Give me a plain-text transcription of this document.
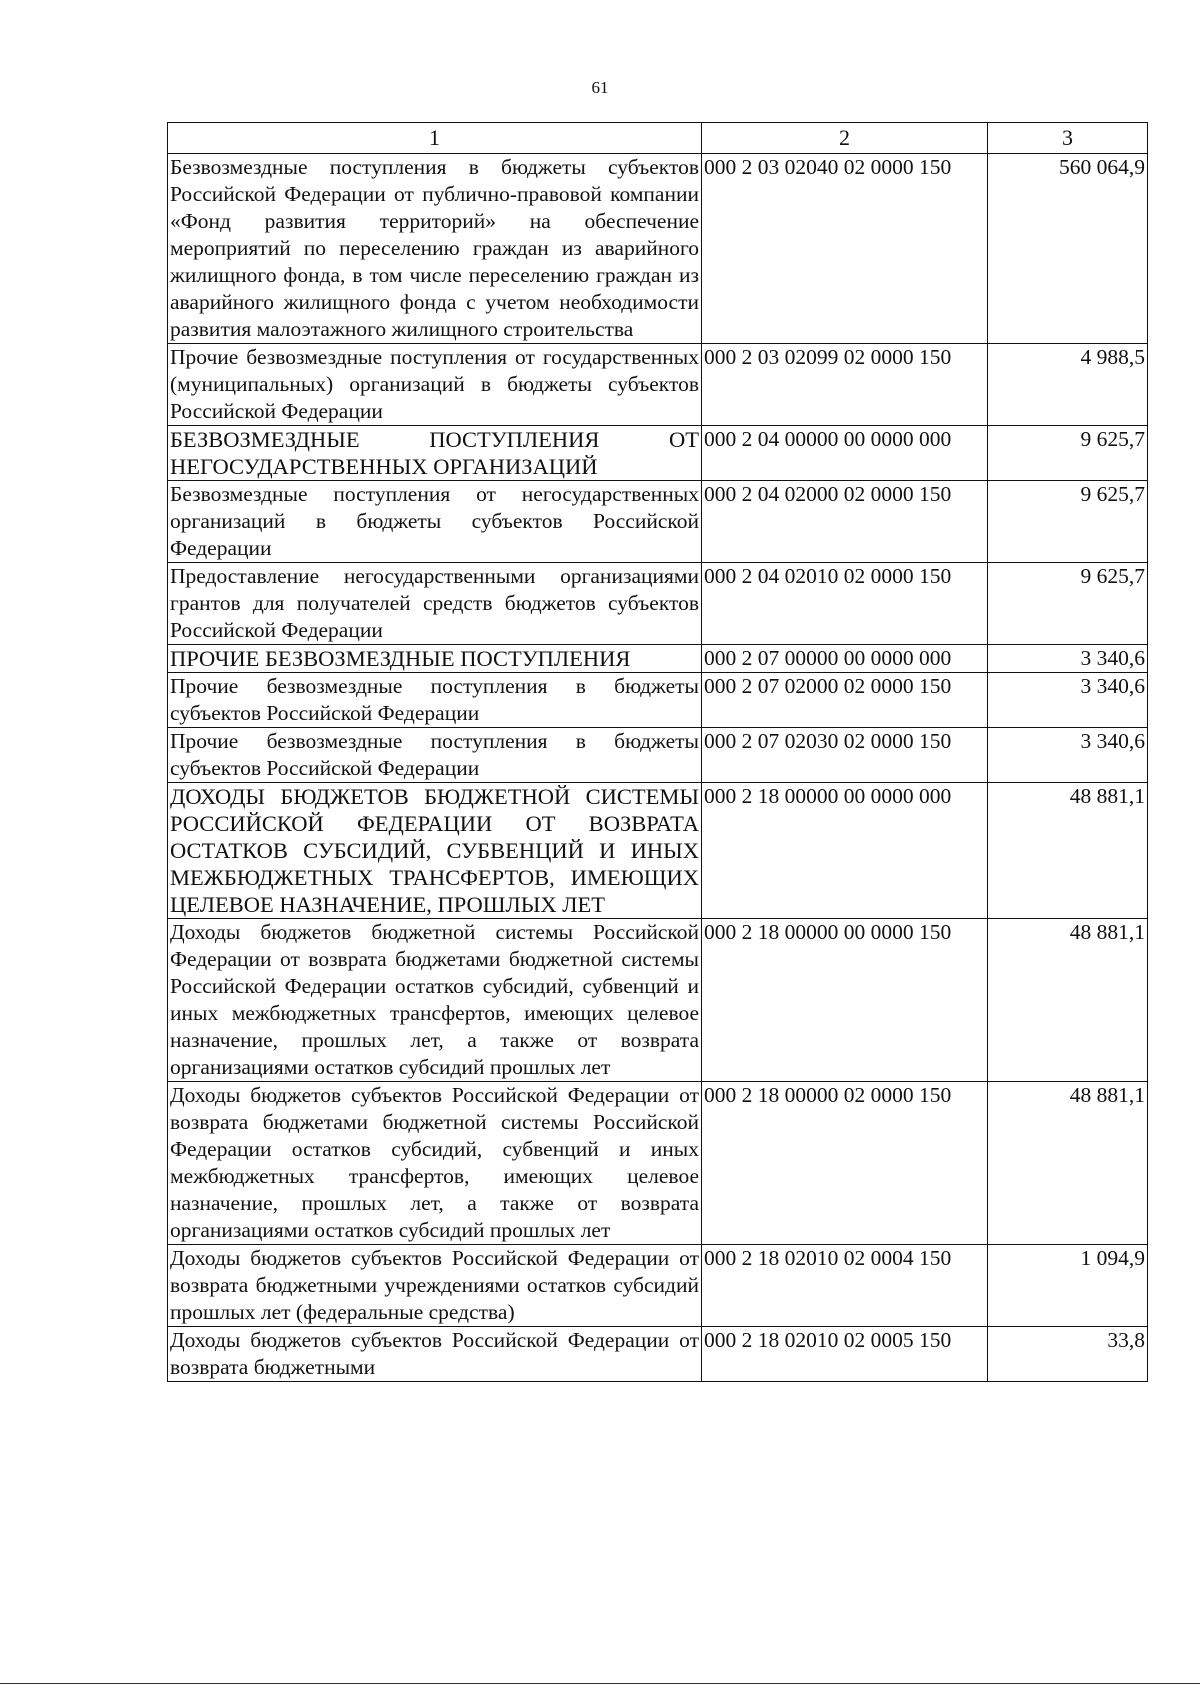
61
1	2	3
Безвозмездные поступления в бюджеты субъектов Российской Федерации от публично-правовой компании «Фонд развития территорий» на обеспечение мероприятий по переселению граждан из аварийного жилищного фонда, в том числе переселению граждан из аварийного жилищного фонда с учетом необходимости развития малоэтажного жилищного строительства	000 2 03 02040 02 0000 150	560 064,9
Прочие безвозмездные поступления от государственных (муниципальных) организаций в бюджеты субъектов Российской Федерации	000 2 03 02099 02 0000 150	4 988,5
БЕЗВОЗМЕЗДНЫЕ ПОСТУПЛЕНИЯ ОТ НЕГОСУДАРСТВЕННЫХ ОРГАНИЗАЦИЙ	000 2 04 00000 00 0000 000	9 625,7
Безвозмездные поступления от негосударственных организаций в бюджеты субъектов Российской Федерации	000 2 04 02000 02 0000 150	9 625,7
Предоставление негосударственными организациями грантов для получателей средств бюджетов субъектов Российской Федерации	000 2 04 02010 02 0000 150	9 625,7
ПРОЧИЕ БЕЗВОЗМЕЗДНЫЕ ПОСТУПЛЕНИЯ	000 2 07 00000 00 0000 000	3 340,6
Прочие безвозмездные поступления в бюджеты субъектов Российской Федерации	000 2 07 02000 02 0000 150	3 340,6
Прочие безвозмездные поступления в бюджеты субъектов Российской Федерации	000 2 07 02030 02 0000 150	3 340,6
ДОХОДЫ БЮДЖЕТОВ БЮДЖЕТНОЙ СИСТЕМЫ РОССИЙСКОЙ ФЕДЕРАЦИИ ОТ ВОЗВРАТА ОСТАТКОВ СУБСИДИЙ, СУБВЕНЦИЙ И ИНЫХ МЕЖБЮДЖЕТНЫХ ТРАНСФЕРТОВ, ИМЕЮЩИХ ЦЕЛЕВОЕ НАЗНАЧЕНИЕ, ПРОШЛЫХ ЛЕТ	000 2 18 00000 00 0000 000	48 881,1
Доходы бюджетов бюджетной системы Российской Федерации от возврата бюджетами бюджетной системы Российской Федерации остатков субсидий, субвенций и иных межбюджетных трансфертов, имеющих целевое назначение, прошлых лет, а также от возврата организациями остатков субсидий прошлых лет	000 2 18 00000 00 0000 150	48 881,1
Доходы бюджетов субъектов Российской Федерации от возврата бюджетами бюджетной системы Российской Федерации остатков субсидий, субвенций и иных межбюджетных трансфертов, имеющих целевое назначение, прошлых лет, а также от возврата организациями остатков субсидий прошлых лет	000 2 18 00000 02 0000 150	48 881,1
Доходы бюджетов субъектов Российской Федерации от возврата бюджетными учреждениями остатков субсидий прошлых лет (федеральные средства)	000 2 18 02010 02 0004 150	1 094,9
Доходы бюджетов субъектов Российской Федерации от возврата бюджетными	000 2 18 02010 02 0005 150	33,8
